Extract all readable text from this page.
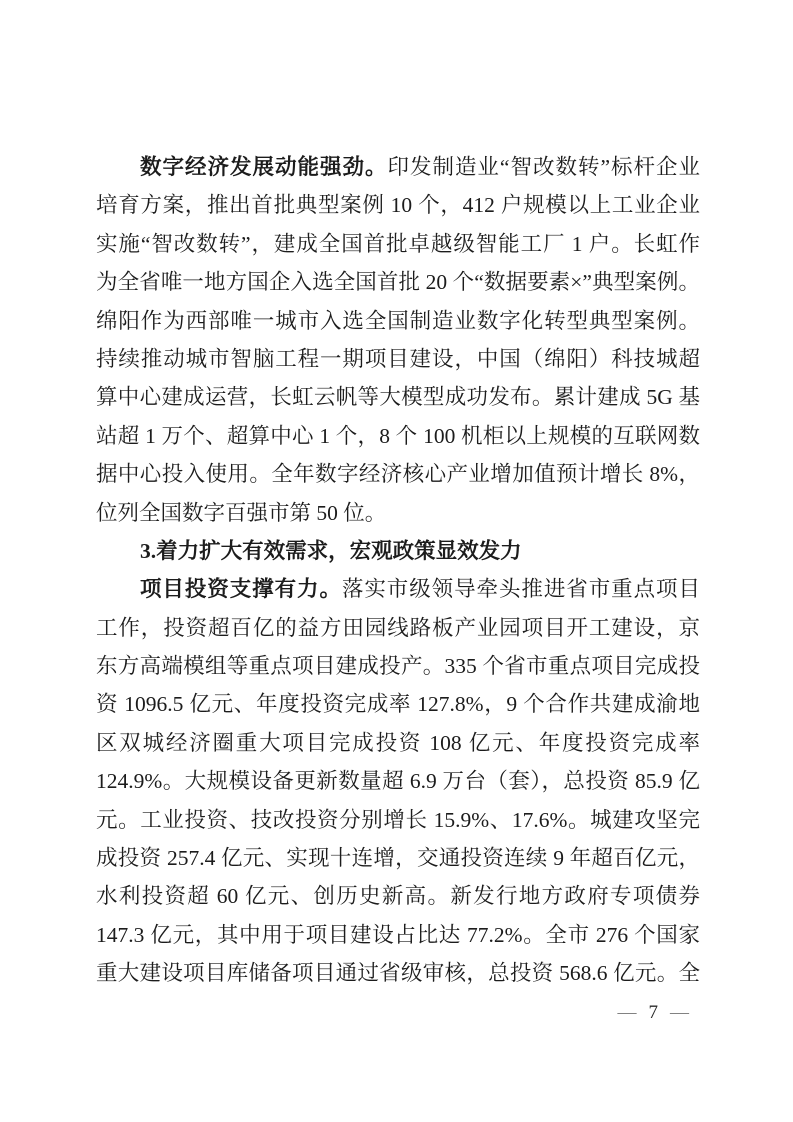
数字经济发展动能强劲。印发制造业“智改数转”标杆企业
培育方案，推出首批典型案例 10 个，412 户规模以上工业企业
实施“智改数转”，建成全国首批卓越级智能工厂 1 户。长虹作
为全省唯一地方国企入选全国首批 20 个“数据要素×”典型案例。
绵阳作为西部唯一城市入选全国制造业数字化转型典型案例。
持续推动城市智脑工程一期项目建设，中国（绵阳）科技城超
算中心建成运营，长虹云帆等大模型成功发布。累计建成 5G 基
站超 1 万个、超算中心 1 个，8 个 100 机柜以上规模的互联网数
据中心投入使用。全年数字经济核心产业增加值预计增长 8%，
位列全国数字百强市第 50 位。
3.着力扩大有效需求，宏观政策显效发力
项目投资支撑有力。落实市级领导牵头推进省市重点项目
工作，投资超百亿的益方田园线路板产业园项目开工建设，京
东方高端模组等重点项目建成投产。335 个省市重点项目完成投
资 1096.5 亿元、年度投资完成率 127.8%，9 个合作共建成渝地
区双城经济圈重大项目完成投资 108 亿元、年度投资完成率
124.9%。大规模设备更新数量超 6.9 万台（套），总投资 85.9 亿
元。工业投资、技改投资分别增长 15.9%、17.6%。城建攻坚完
成投资 257.4 亿元、实现十连增，交通投资连续 9 年超百亿元，
水利投资超 60 亿元、创历史新高。新发行地方政府专项债券
147.3 亿元，其中用于项目建设占比达 77.2%。全市 276 个国家
重大建设项目库储备项目通过省级审核，总投资 568.6 亿元。全
— 7 —
